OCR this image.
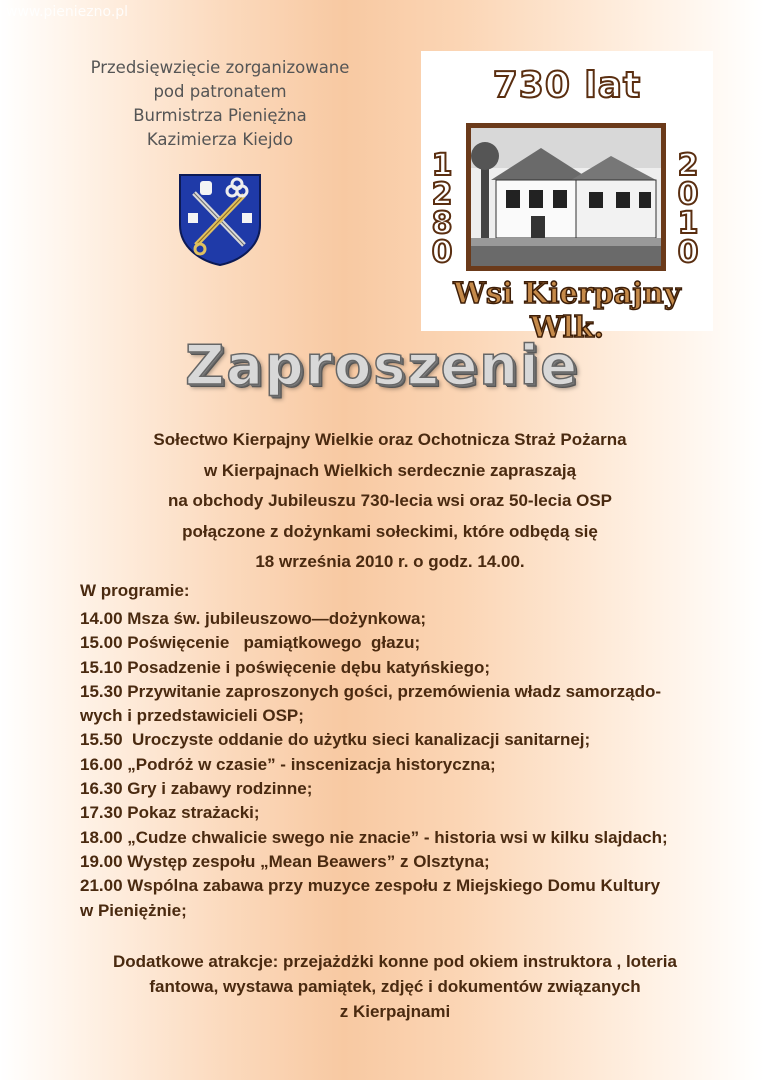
www.pieniezno.pl
Przedsięwzięcie zorganizowane
pod patronatem
Burmistrza Pieniężna
Kazimierza Kiejdo
730 lat
1
2
8
0
2
0
1
0
Wsi Kierpajny Wlk.
Zaproszenie
Sołectwo Kierpajny Wielkie oraz Ochotnicza Straż Pożarna
w Kierpajnach Wielkich serdecznie zapraszają
na obchody Jubileuszu 730-lecia wsi oraz 50-lecia OSP
połączone z dożynkami sołeckimi, które odbędą się
18 września 2010 r. o godz. 14.00.
W programie:
14.00 Msza św. jubileuszowo—dożynkowa;
15.00 Poświęcenie   pamiątkowego  głazu;
15.10 Posadzenie i poświęcenie dębu katyńskiego;
15.30 Przywitanie zaproszonych gości, przemówienia władz samorządo-
wych i przedstawicieli OSP;
15.50  Uroczyste oddanie do użytku sieci kanalizacji sanitarnej;
16.00 „Podróż w czasie” - inscenizacja historyczna;
16.30 Gry i zabawy rodzinne;
17.30 Pokaz strażacki;
18.00 „Cudze chwalicie swego nie znacie” - historia wsi w kilku slajdach;
19.00 Występ zespołu „Mean Beawers” z Olsztyna;
21.00 Wspólna zabawa przy muzyce zespołu z Miejskiego Domu Kultury
w Pieniężnie;
Dodatkowe atrakcje: przejażdżki konne pod okiem instruktora , loteria
fantowa, wystawa pamiątek, zdjęć i dokumentów związanych
z Kierpajnami
